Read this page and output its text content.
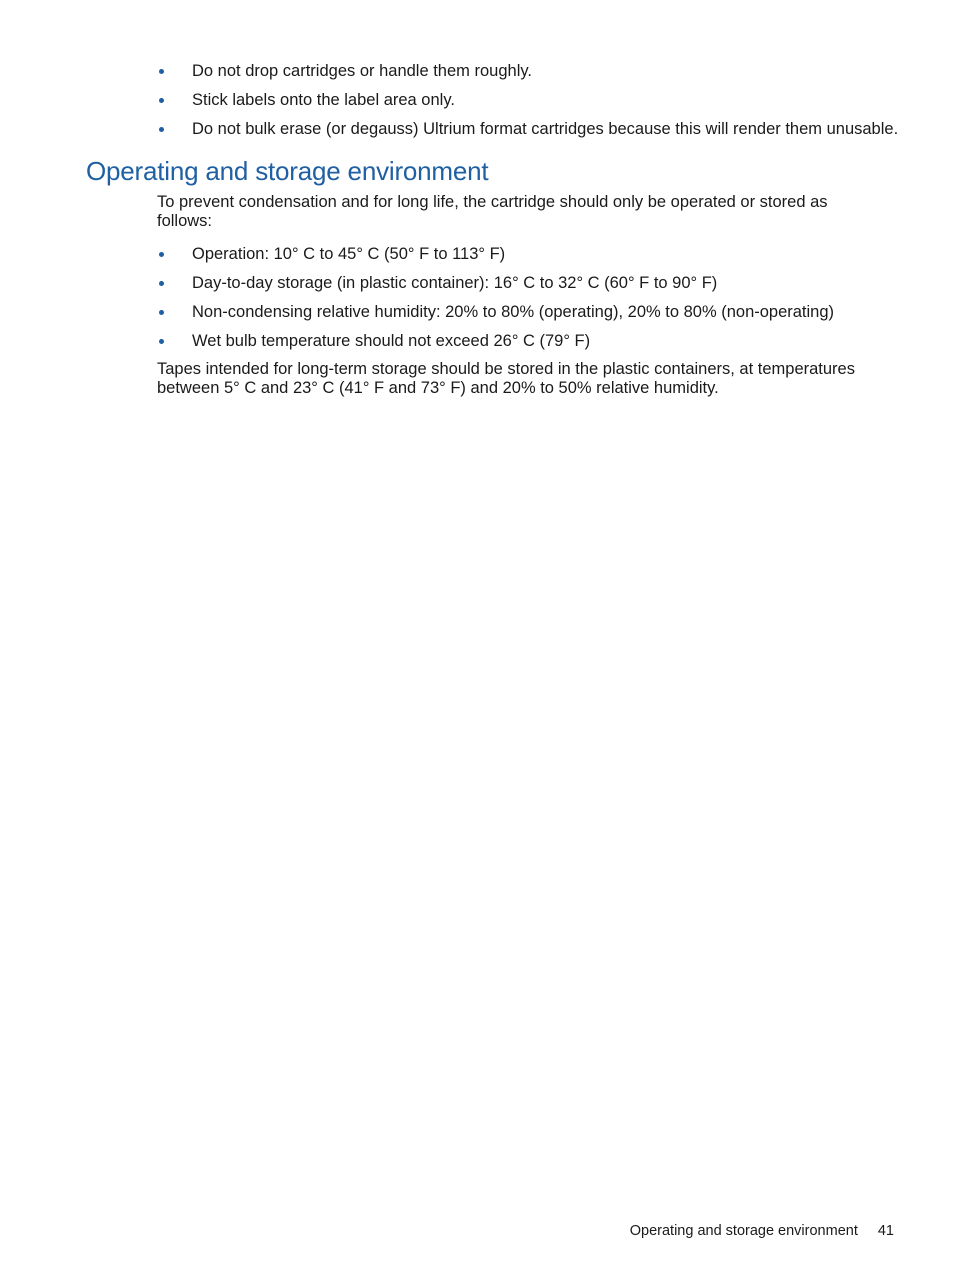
Do not drop cartridges or handle them roughly.
Stick labels onto the label area only.
Do not bulk erase (or degauss) Ultrium format cartridges because this will render them unusable.
Operating and storage environment

To prevent condensation and for long life, the cartridge should only be operated or stored as follows:

Operation: 10° C to 45° C (50° F to 113° F)
Day-to-day storage (in plastic container): 16° C to 32° C (60° F to 90° F)
Non-condensing relative humidity: 20% to 80% (operating), 20% to 80% (non-operating)
Wet bulb temperature should not exceed 26° C (79° F)

Tapes intended for long-term storage should be stored in the plastic containers, at temperatures between 5° C and 23° C (41° F and 73° F) and 20% to 50% relative humidity.

Operating and storage environment 41
